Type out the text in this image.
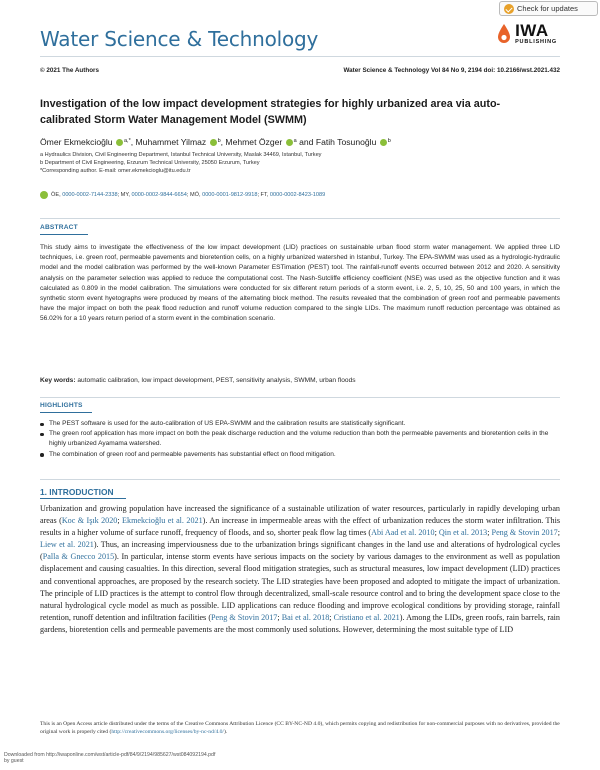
Check for updates
Water Science & Technology	IWA
PUBLISHING
© 2021 The Authors	Water Science & Technology Vol 84 No 9, 2194 doi: 10.2166/wst.2021.432
Investigation of the low impact development strategies for highly urbanized area via auto-calibrated Storm Water Management Model (SWMM)
Ömer Ekmekcioğlu $^{a,*}$, Muhammet Yilmaz $^b$, Mehmet Özger $^a$ and Fatih Tosunoğlu $^b$
a Hydraulics Division, Civil Engineering Department, Istanbul Technical University, Maslak 34469, Istanbul, Turkey
b Department of Civil Engineering, Erzurum Technical University, 25050 Erzurum, Turkey
*Corresponding author. E-mail: omer.ekmekcioglu@itu.edu.tr
ÖE, 0000-0002-7144-2338; MY, 0000-0002-9844-6654; MÖ, 0000-0001-9812-9918; FT, 0000-0002-8423-1089
ABSTRACT
This study aims to investigate the effectiveness of the low impact development (LID) practices on sustainable urban flood storm water management. We applied three LID techniques, i.e. green roof, permeable pavements and bioretention cells, on a highly urbanized watershed in Istanbul, Turkey. The EPA-SWMM was used as a hydrologic-hydraulic model and the model calibration was performed by the well-known Parameter ESTimation (PEST) tool. The rainfall-runoff events occurred between 2012 and 2020. A sensitivity analysis on the parameter selection was applied to reduce the computational cost. The Nash-Sutcliffe efficiency coefficient (NSE) was used as the objective function and it was calculated as 0.809 in the model calibration. The simulations were conducted for six different return periods of a storm event, i.e. 2, 5, 10, 25, 50 and 100 years, in which the synthetic storm event hyetographs were produced by means of the alternating block method. The results revealed that the combination of green roof and permeable pavements have the major impact on both the peak flood reduction and runoff volume reduction compared to the single LIDs. The maximum runoff reduction percentage was obtained as 56.02% for a 10 years return period of a storm event in the combination scenario.
Key words: automatic calibration, low impact development, PEST, sensitivity analysis, SWMM, urban floods
HIGHLIGHTS
The PEST software is used for the auto-calibration of US EPA-SWMM and the calibration results are statistically significant.
The green roof application has more impact on both the peak discharge reduction and the volume reduction than both the permeable pavements and bioretention cells in the highly urbanized Ayamama watershed.
The combination of green roof and permeable pavements has substantial effect on flood mitigation.
1. INTRODUCTION
Urbanization and growing population have increased the significance of a sustainable utilization of water resources, particularly in rapidly developing urban areas (Koc & Işık 2020; Ekmekcioğlu et al. 2021). An increase in impermeable areas with the effect of urbanization reduces the storm water infiltration. This results in a higher volume of surface runoff, frequency of floods, and so, shorter peak flow lag times (Abi Aad et al. 2010; Qin et al. 2013; Peng & Stovin 2017; Liew et al. 2021). Thus, an increasing imperviousness due to the urbanization brings significant changes in the land use and alterations of hydrological cycles (Palla & Gnecco 2015). In particular, intense storm events have serious impacts on the society by various damages to the environment as well as population displacement and causing casualties. In this direction, several flood mitigation strategies, such as structural measures, low impact development (LID) practices and conventional approaches, are proposed by the research society. The LID strategies have been proposed and adopted to mitigate the impact of urbanization. The principle of LID practices is the attempt to control flow through decentralized, small-scale resource control and to bring the development space close to the natural hydrological cycle model as much as possible. LID applications can reduce flooding and improve ecological conditions by providing storage, rainfall retention, runoff detention and infiltration facilities (Peng & Stovin 2017; Bai et al. 2018; Cristiano et al. 2021). Among the LIDs, green roofs, rain barrels, rain gardens, bioretention cells and permeable pavements are the most commonly used solutions. However, determining the most suitable type of LID
This is an Open Access article distributed under the terms of the Creative Commons Attribution Licence (CC BY-NC-ND 4.0), which permits copying and redistribution for non-commercial purposes with no derivatives, provided the original work is properly cited (http://creativecommons.org/licenses/by-nc-nd/4.0/).
Downloaded from http://iwaponline.com/wst/article-pdf/84/9/2194/985627/wst084092194.pdf
by guest
